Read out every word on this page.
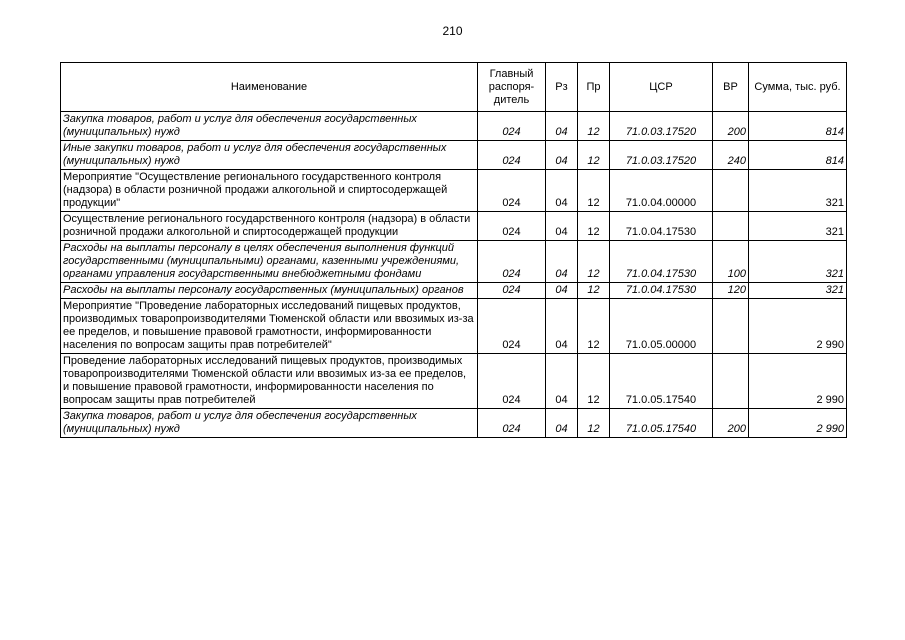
210
Наименование	Главный распоря-дитель	Рз	Пр	ЦСР	ВР	Сумма, тыс. руб.
Закупка товаров, работ и услуг для обеспечения государственных (муниципальных) нужд	024	04	12	71.0.03.17520	200	814
Иные закупки товаров, работ и услуг для обеспечения государственных (муниципальных) нужд	024	04	12	71.0.03.17520	240	814
Мероприятие "Осуществление регионального государственного контроля (надзора) в области розничной продажи алкогольной и спиртосодержащей продукции"	024	04	12	71.0.04.00000		321
Осуществление регионального государственного контроля (надзора) в области розничной продажи алкогольной и спиртосодержащей продукции	024	04	12	71.0.04.17530		321
Расходы на выплаты персоналу в целях обеспечения выполнения функций государственными (муниципальными) органами, казенными учреждениями, органами управления государственными внебюджетными фондами	024	04	12	71.0.04.17530	100	321
Расходы на выплаты персоналу государственных (муниципальных) органов	024	04	12	71.0.04.17530	120	321
Мероприятие "Проведение лабораторных исследований пищевых продуктов, производимых товаропроизводителями Тюменской области или ввозимых из-за ее пределов, и повышение правовой грамотности, информированности населения по вопросам защиты прав потребителей"	024	04	12	71.0.05.00000		2 990
Проведение лабораторных исследований пищевых продуктов, производимых товаропроизводителями Тюменской области или ввозимых из-за ее пределов, и повышение правовой грамотности, информированности населения по вопросам защиты прав потребителей	024	04	12	71.0.05.17540		2 990
Закупка товаров, работ и услуг для обеспечения государственных (муниципальных) нужд	024	04	12	71.0.05.17540	200	2 990
